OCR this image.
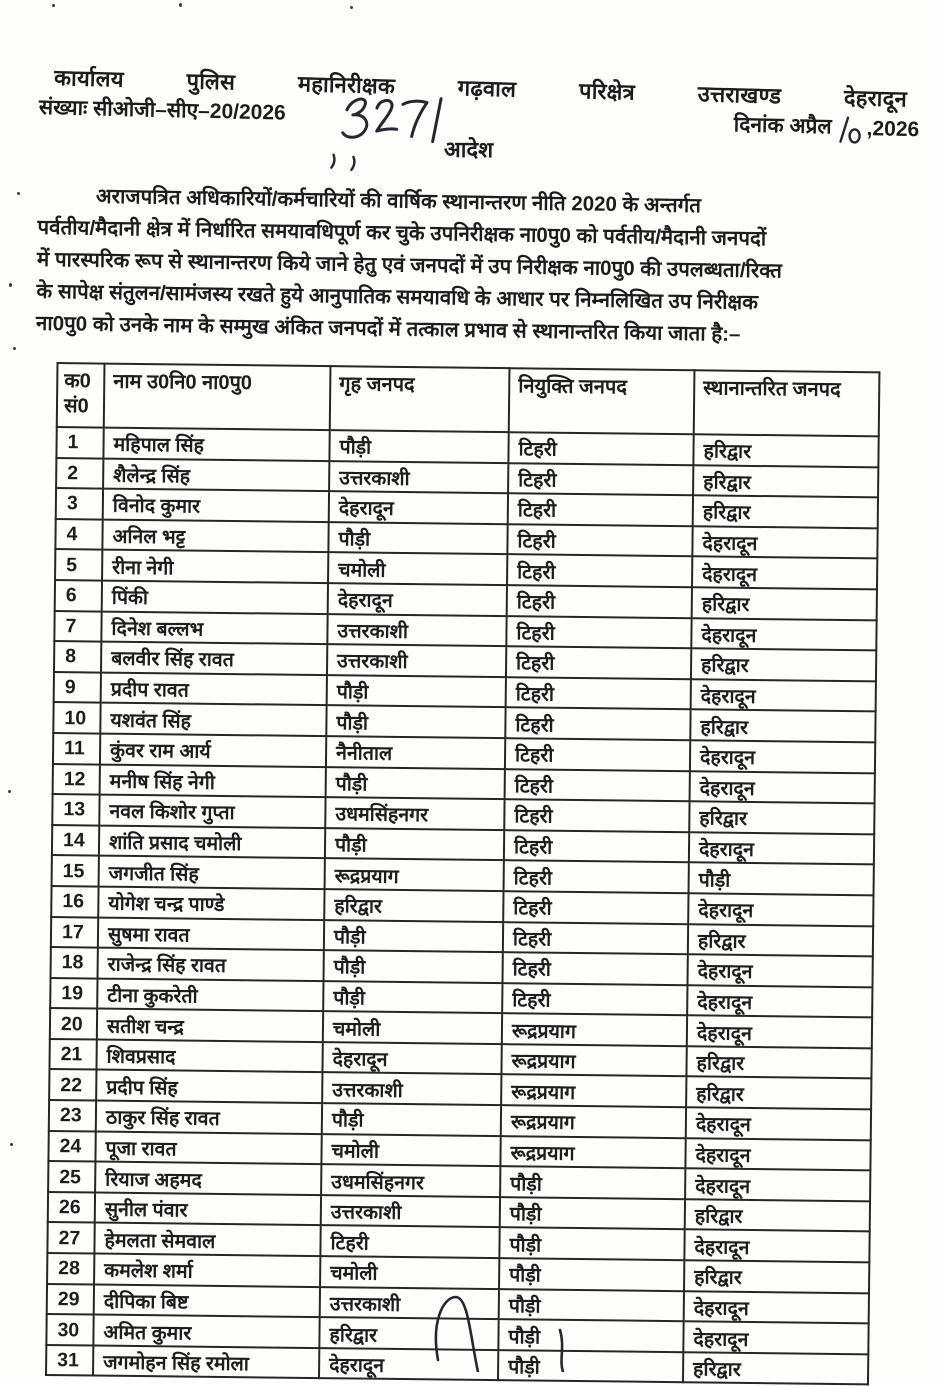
कार्यालय	पुलिस	महानिरीक्षक	गढ़वाल	परिक्षेत्र	उत्तराखण्ड	देहरादून
संख्याः सीओजी–सीए–20/2026
दिनांक अप्रैल ,2026
आदेश
अराजपत्रित अधिकारियों/कर्मचारियों की वार्षिक स्थानान्तरण नीति 2020 के अन्तर्गत
पर्वतीय/मैदानी क्षेत्र में निर्धारित समयावधिपूर्ण कर चुके उपनिरीक्षक ना0पु0 को पर्वतीय/मैदानी जनपदों
में पारस्परिक रूप से स्थानान्तरण किये जाने हेतु एवं जनपदों में उप निरीक्षक ना0पु0 की उपलब्धता/रिक्त
के सापेक्ष संतुलन/सामंजस्य रखते हुये आनुपातिक समयावधि के आधार पर निम्नलिखित उप निरीक्षक
ना0पु0 को उनके नाम के सम्मुख अंकित जनपदों में तत्काल प्रभाव से स्थानान्तरित किया जाता है:–
क0 सं0	नाम उ0नि0 ना0पु0	गृह जनपद	नियुक्ति जनपद	स्थानान्तरित जनपद
1	महिपाल सिंह	पौड़ी	टिहरी	हरिद्वार
2	शैलेन्द्र सिंह	उत्तरकाशी	टिहरी	हरिद्वार
3	विनोद कुमार	देहरादून	टिहरी	हरिद्वार
4	अनिल भट्ट	पौड़ी	टिहरी	देहरादून
5	रीना नेगी	चमोली	टिहरी	देहरादून
6	पिंकी	देहरादून	टिहरी	हरिद्वार
7	दिनेश बल्लभ	उत्तरकाशी	टिहरी	देहरादून
8	बलवीर सिंह रावत	उत्तरकाशी	टिहरी	हरिद्वार
9	प्रदीप रावत	पौड़ी	टिहरी	देहरादून
10	यशवंत सिंह	पौड़ी	टिहरी	हरिद्वार
11	कुंवर राम आर्य	नैनीताल	टिहरी	देहरादून
12	मनीष सिंह नेगी	पौड़ी	टिहरी	देहरादून
13	नवल किशोर गुप्ता	उधमसिंहनगर	टिहरी	हरिद्वार
14	शांति प्रसाद चमोली	पौड़ी	टिहरी	देहरादून
15	जगजीत सिंह	रूद्रप्रयाग	टिहरी	पौड़ी
16	योगेश चन्द्र पाण्डे	हरिद्वार	टिहरी	देहरादून
17	सुषमा रावत	पौड़ी	टिहरी	हरिद्वार
18	राजेन्द्र सिंह रावत	पौड़ी	टिहरी	देहरादून
19	टीना कुकरेती	पौड़ी	टिहरी	देहरादून
20	सतीश चन्द्र	चमोली	रूद्रप्रयाग	देहरादून
21	शिवप्रसाद	देहरादून	रूद्रप्रयाग	हरिद्वार
22	प्रदीप सिंह	उत्तरकाशी	रूद्रप्रयाग	हरिद्वार
23	ठाकुर सिंह रावत	पौड़ी	रूद्रप्रयाग	देहरादून
24	पूजा रावत	चमोली	रूद्रप्रयाग	देहरादून
25	रियाज अहमद	उधमसिंहनगर	पौड़ी	देहरादून
26	सुनील पंवार	उत्तरकाशी	पौड़ी	हरिद्वार
27	हेमलता सेमवाल	टिहरी	पौड़ी	देहरादून
28	कमलेश शर्मा	चमोली	पौड़ी	हरिद्वार
29	दीपिका बिष्ट	उत्तरकाशी	पौड़ी	देहरादून
30	अमित कुमार	हरिद्वार	पौड़ी	देहरादून
31	जगमोहन सिंह रमोला	देहरादून	पौड़ी	हरिद्वार
